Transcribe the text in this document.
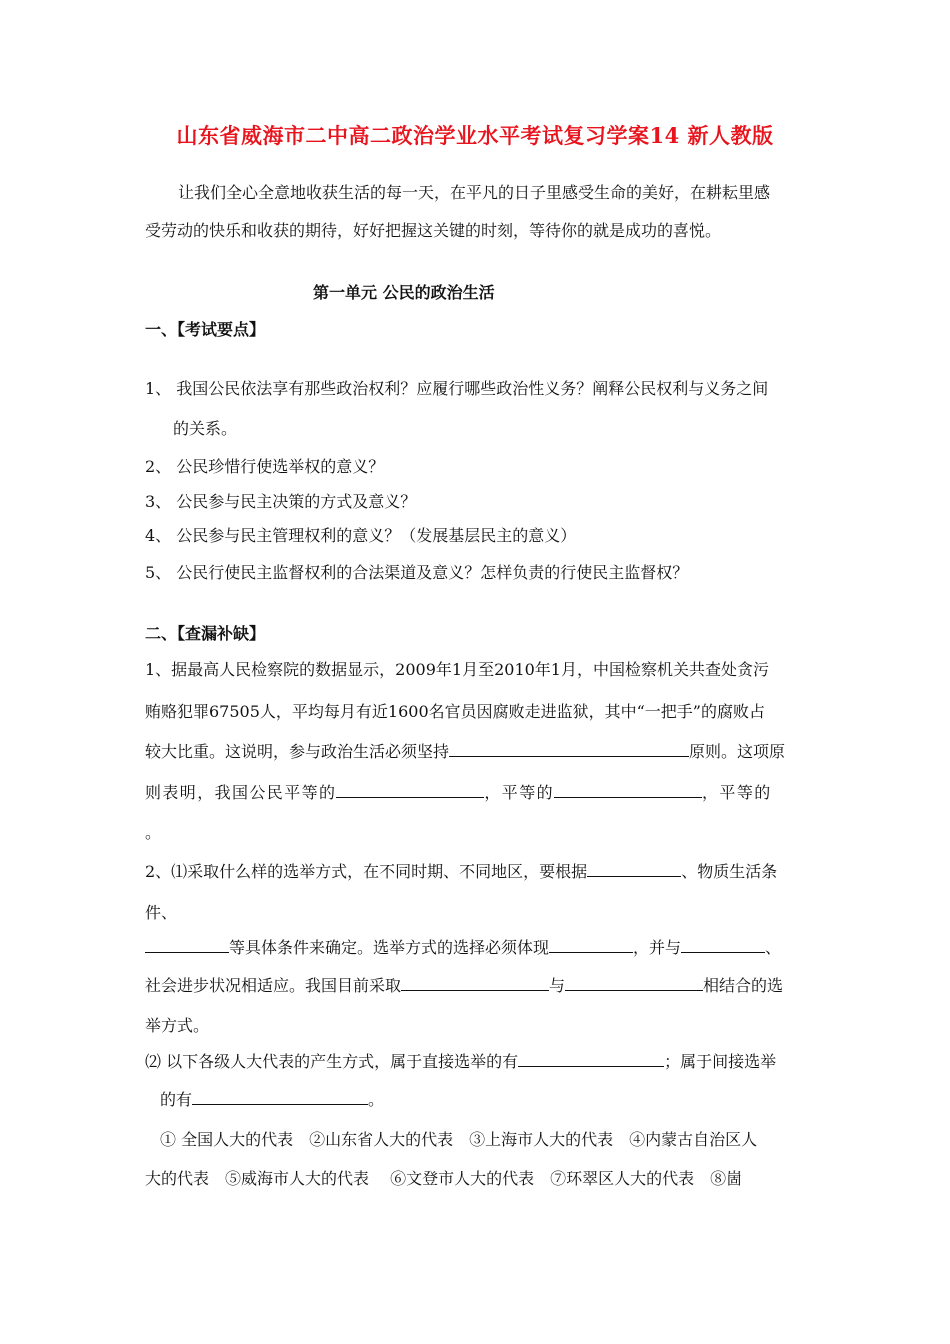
山东省威海市二中高二政治学业水平考试复习学案14 新人教版
让我们全心全意地收获生活的每一天，在平凡的日子里感受生命的美好，在耕耘里感
受劳动的快乐和收获的期待，好好把握这关键的时刻，等待你的就是成功的喜悦。
第一单元 公民的政治生活
一、【考试要点】
1、 我国公民依法享有那些政治权利？应履行哪些政治性义务？阐释公民权利与义务之间
的关系。
2、 公民珍惜行使选举权的意义？
3、 公民参与民主决策的方式及意义？
4、 公民参与民主管理权利的意义？（发展基层民主的意义）
5、 公民行使民主监督权利的合法渠道及意义？怎样负责的行使民主监督权？
二、【查漏补缺】
1、据最高人民检察院的数据显示，2009年1月至2010年1月，中国检察机关共查处贪污
贿赂犯罪67505人，平均每月有近1600名官员因腐败走进监狱，其中“一把手”的腐败占
较大比重。这说明，参与政治生活必须坚持	原则。这项原
则表明，我国公民平等的	，平等的	，平等的
。
2、⑴采取什么样的选举方式，在不同时期、不同地区，要根据	、物质生活条
件、
等具体条件来确定。选举方式的选择必须体现	，并与	、
社会进步状况相适应。我国目前采取	与	相结合的选
举方式。
⑵ 以下各级人大代表的产生方式，属于直接选举的有	；属于间接选举
的有	。
① 全国人大的代表　②山东省人大的代表　③上海市人大的代表　④内蒙古自治区人
大的代表　⑤威海市人大的代表　 ⑥文登市人大的代表　⑦环翠区人大的代表　⑧崮
